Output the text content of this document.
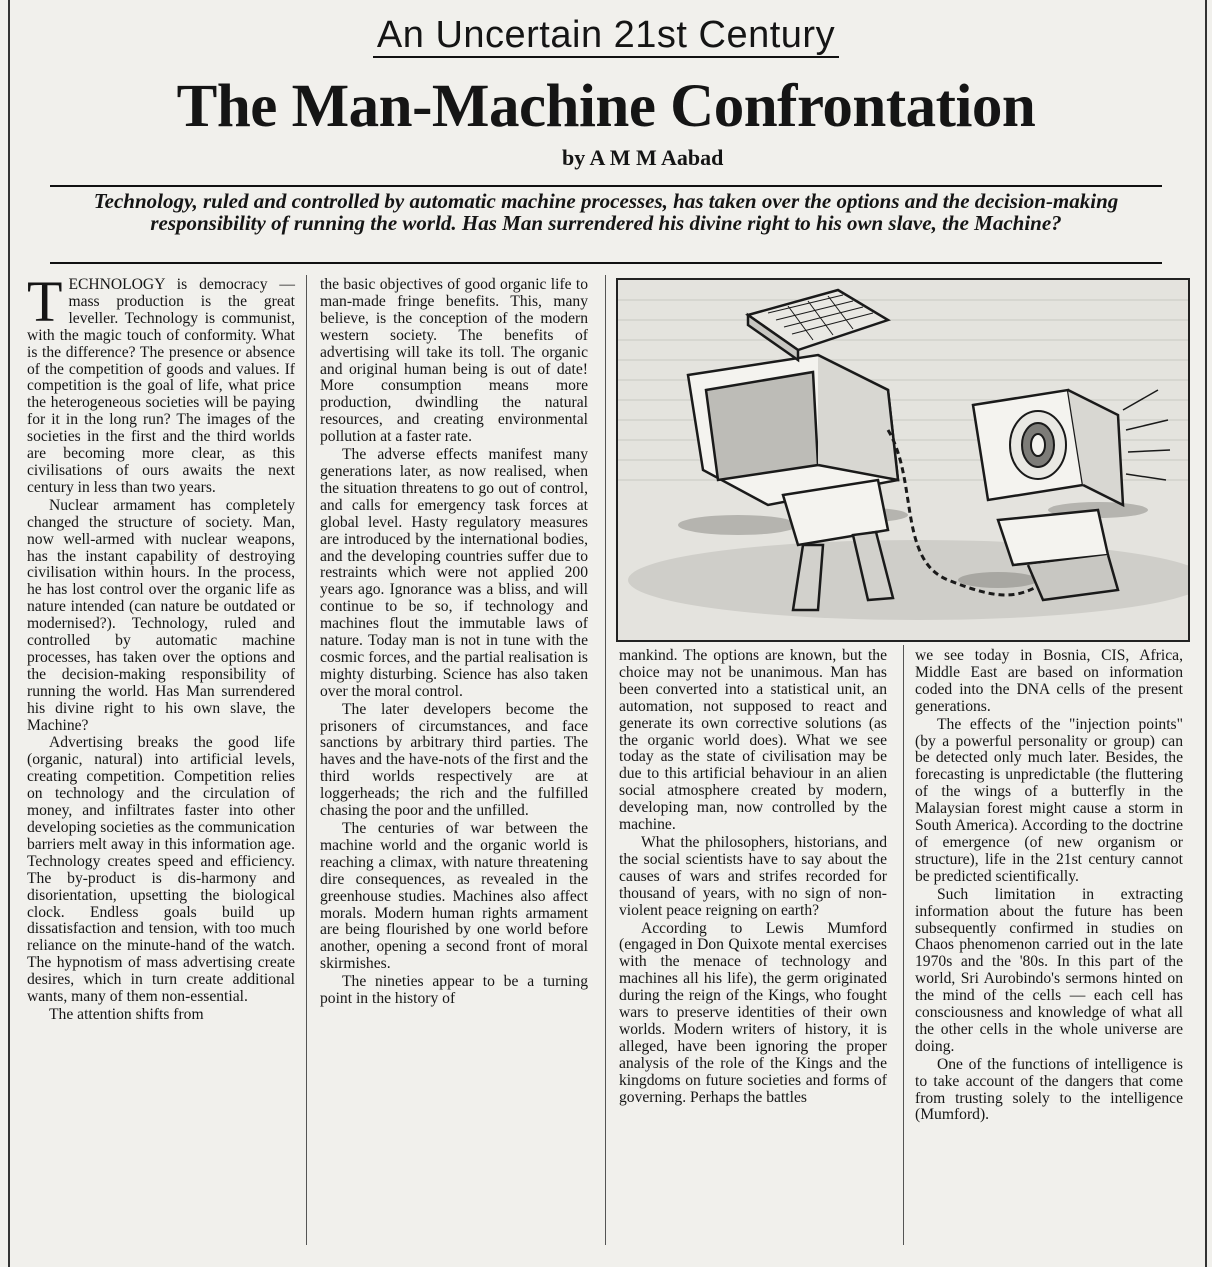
An Uncertain 21st Century
The Man-Machine Confrontation
by A M M Aabad
Technology, ruled and controlled by automatic machine processes, has taken over the options and the decision-making responsibility of running the world. Has Man surrendered his divine right to his own slave, the Machine?

TECHNOLOGY is democracy — mass production is the great leveller. Technology is communist, with the magic touch of conformity. What is the difference? The presence or absence of the competition of goods and values. If competition is the goal of life, what price the heterogeneous societies will be paying for it in the long run? The images of the societies in the first and the third worlds are becoming more clear, as this civilisations of ours awaits the next century in less than two years.

Nuclear armament has completely changed the structure of society. Man, now well-armed with nuclear weapons, has the instant capability of destroying civilisation within hours. In the process, he has lost control over the organic life as nature intended (can nature be outdated or modernised?). Technology, ruled and controlled by automatic machine processes, has taken over the options and the decision-making responsibility of running the world. Has Man surrendered his divine right to his own slave, the Machine?

Advertising breaks the good life (organic, natural) into artificial levels, creating competition. Competition relies on technology and the circulation of money, and infiltrates faster into other developing societies as the communication barriers melt away in this information age. Technology creates speed and efficiency. The by-product is dis-harmony and disorientation, upsetting the biological clock. Endless goals build up dissatisfaction and tension, with too much reliance on the minute-hand of the watch. The hypnotism of mass advertising create desires, which in turn create additional wants, many of them non-essential.

The attention shifts from

the basic objectives of good organic life to man-made fringe benefits. This, many believe, is the conception of the modern western society. The benefits of advertising will take its toll. The organic and original human being is out of date! More consumption means more production, dwindling the natural resources, and creating environmental pollution at a faster rate.

The adverse effects manifest many generations later, as now realised, when the situation threatens to go out of control, and calls for emergency task forces at global level. Hasty regulatory measures are introduced by the international bodies, and the developing countries suffer due to restraints which were not applied 200 years ago. Ignorance was a bliss, and will continue to be so, if technology and machines flout the immutable laws of nature. Today man is not in tune with the cosmic forces, and the partial realisation is mighty disturbing. Science has also taken over the moral control.

The later developers become the prisoners of circumstances, and face sanctions by arbitrary third parties. The haves and the have-nots of the first and the third worlds respectively are at loggerheads; the rich and the fulfilled chasing the poor and the unfilled.

The centuries of war between the machine world and the organic world is reaching a climax, with nature threatening dire consequences, as revealed in the greenhouse studies. Machines also affect morals. Modern human rights armament are being flourished by one world before another, opening a second front of moral skirmishes.

The nineties appear to be a turning point in the history of

mankind. The options are known, but the choice may not be unanimous. Man has been converted into a statistical unit, an automation, not supposed to react and generate its own corrective solutions (as the organic world does). What we see today as the state of civilisation may be due to this artificial behaviour in an alien social atmosphere created by modern, developing man, now controlled by the machine.

What the philosophers, historians, and the social scientists have to say about the causes of wars and strifes recorded for thousand of years, with no sign of non-violent peace reigning on earth?

According to Lewis Mumford (engaged in Don Quixote mental exercises with the menace of technology and machines all his life), the germ originated during the reign of the Kings, who fought wars to preserve identities of their own worlds. Modern writers of history, it is alleged, have been ignoring the proper analysis of the role of the Kings and the kingdoms on future societies and forms of governing. Perhaps the battles

we see today in Bosnia, CIS, Africa, Middle East are based on information coded into the DNA cells of the present generations.

The effects of the "injection points" (by a powerful personality or group) can be detected only much later. Besides, the forecasting is unpredictable (the fluttering of the wings of a butterfly in the Malaysian forest might cause a storm in South America). According to the doctrine of emergence (of new organism or structure), life in the 21st century cannot be predicted scientifically.

Such limitation in extracting information about the future has been subsequently confirmed in studies on Chaos phenomenon carried out in the late 1970s and the '80s. In this part of the world, Sri Aurobindo's sermons hinted on the mind of the cells — each cell has consciousness and knowledge of what all the other cells in the whole universe are doing.

One of the functions of intelligence is to take account of the dangers that come from trusting solely to the intelligence (Mumford).
